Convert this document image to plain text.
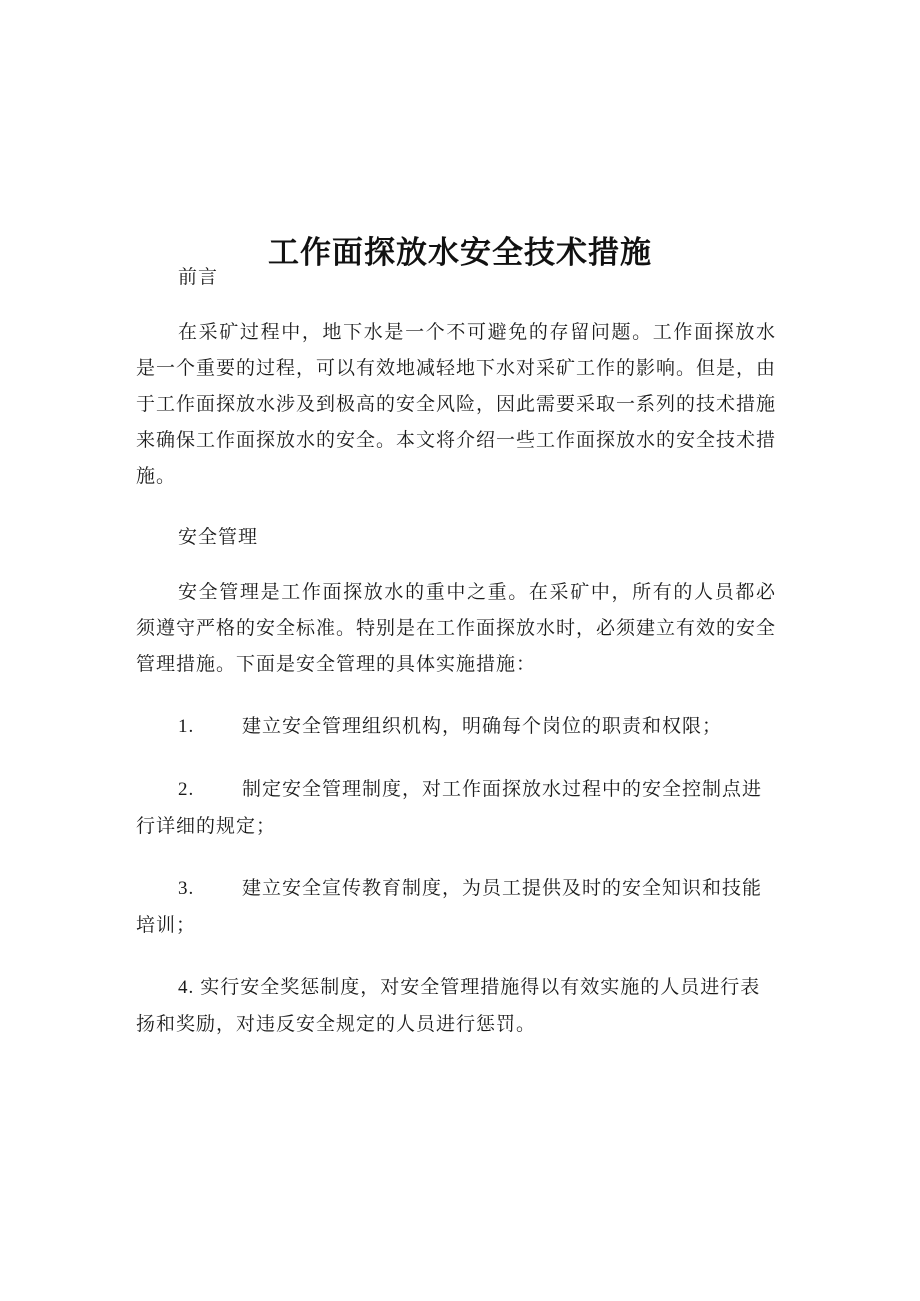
工作面探放水安全技术措施

前言

在采矿过程中，地下水是一个不可避免的存留问题。工作面探放水是一个重要的过程，可以有效地减轻地下水对采矿工作的影响。但是，由于工作面探放水涉及到极高的安全风险，因此需要采取一系列的技术措施来确保工作面探放水的安全。本文将介绍一些工作面探放水的安全技术措施。

安全管理

安全管理是工作面探放水的重中之重。在采矿中，所有的人员都必须遵守严格的安全标准。特别是在工作面探放水时，必须建立有效的安全管理措施。下面是安全管理的具体实施措施：

1.	建立安全管理组织机构，明确每个岗位的职责和权限；

2.	制定安全管理制度，对工作面探放水过程中的安全控制点进行详细的规定；

3.	建立安全宣传教育制度，为员工提供及时的安全知识和技能培训；

4. 实行安全奖惩制度，对安全管理措施得以有效实施的人员进行表扬和奖励，对违反安全规定的人员进行惩罚。
